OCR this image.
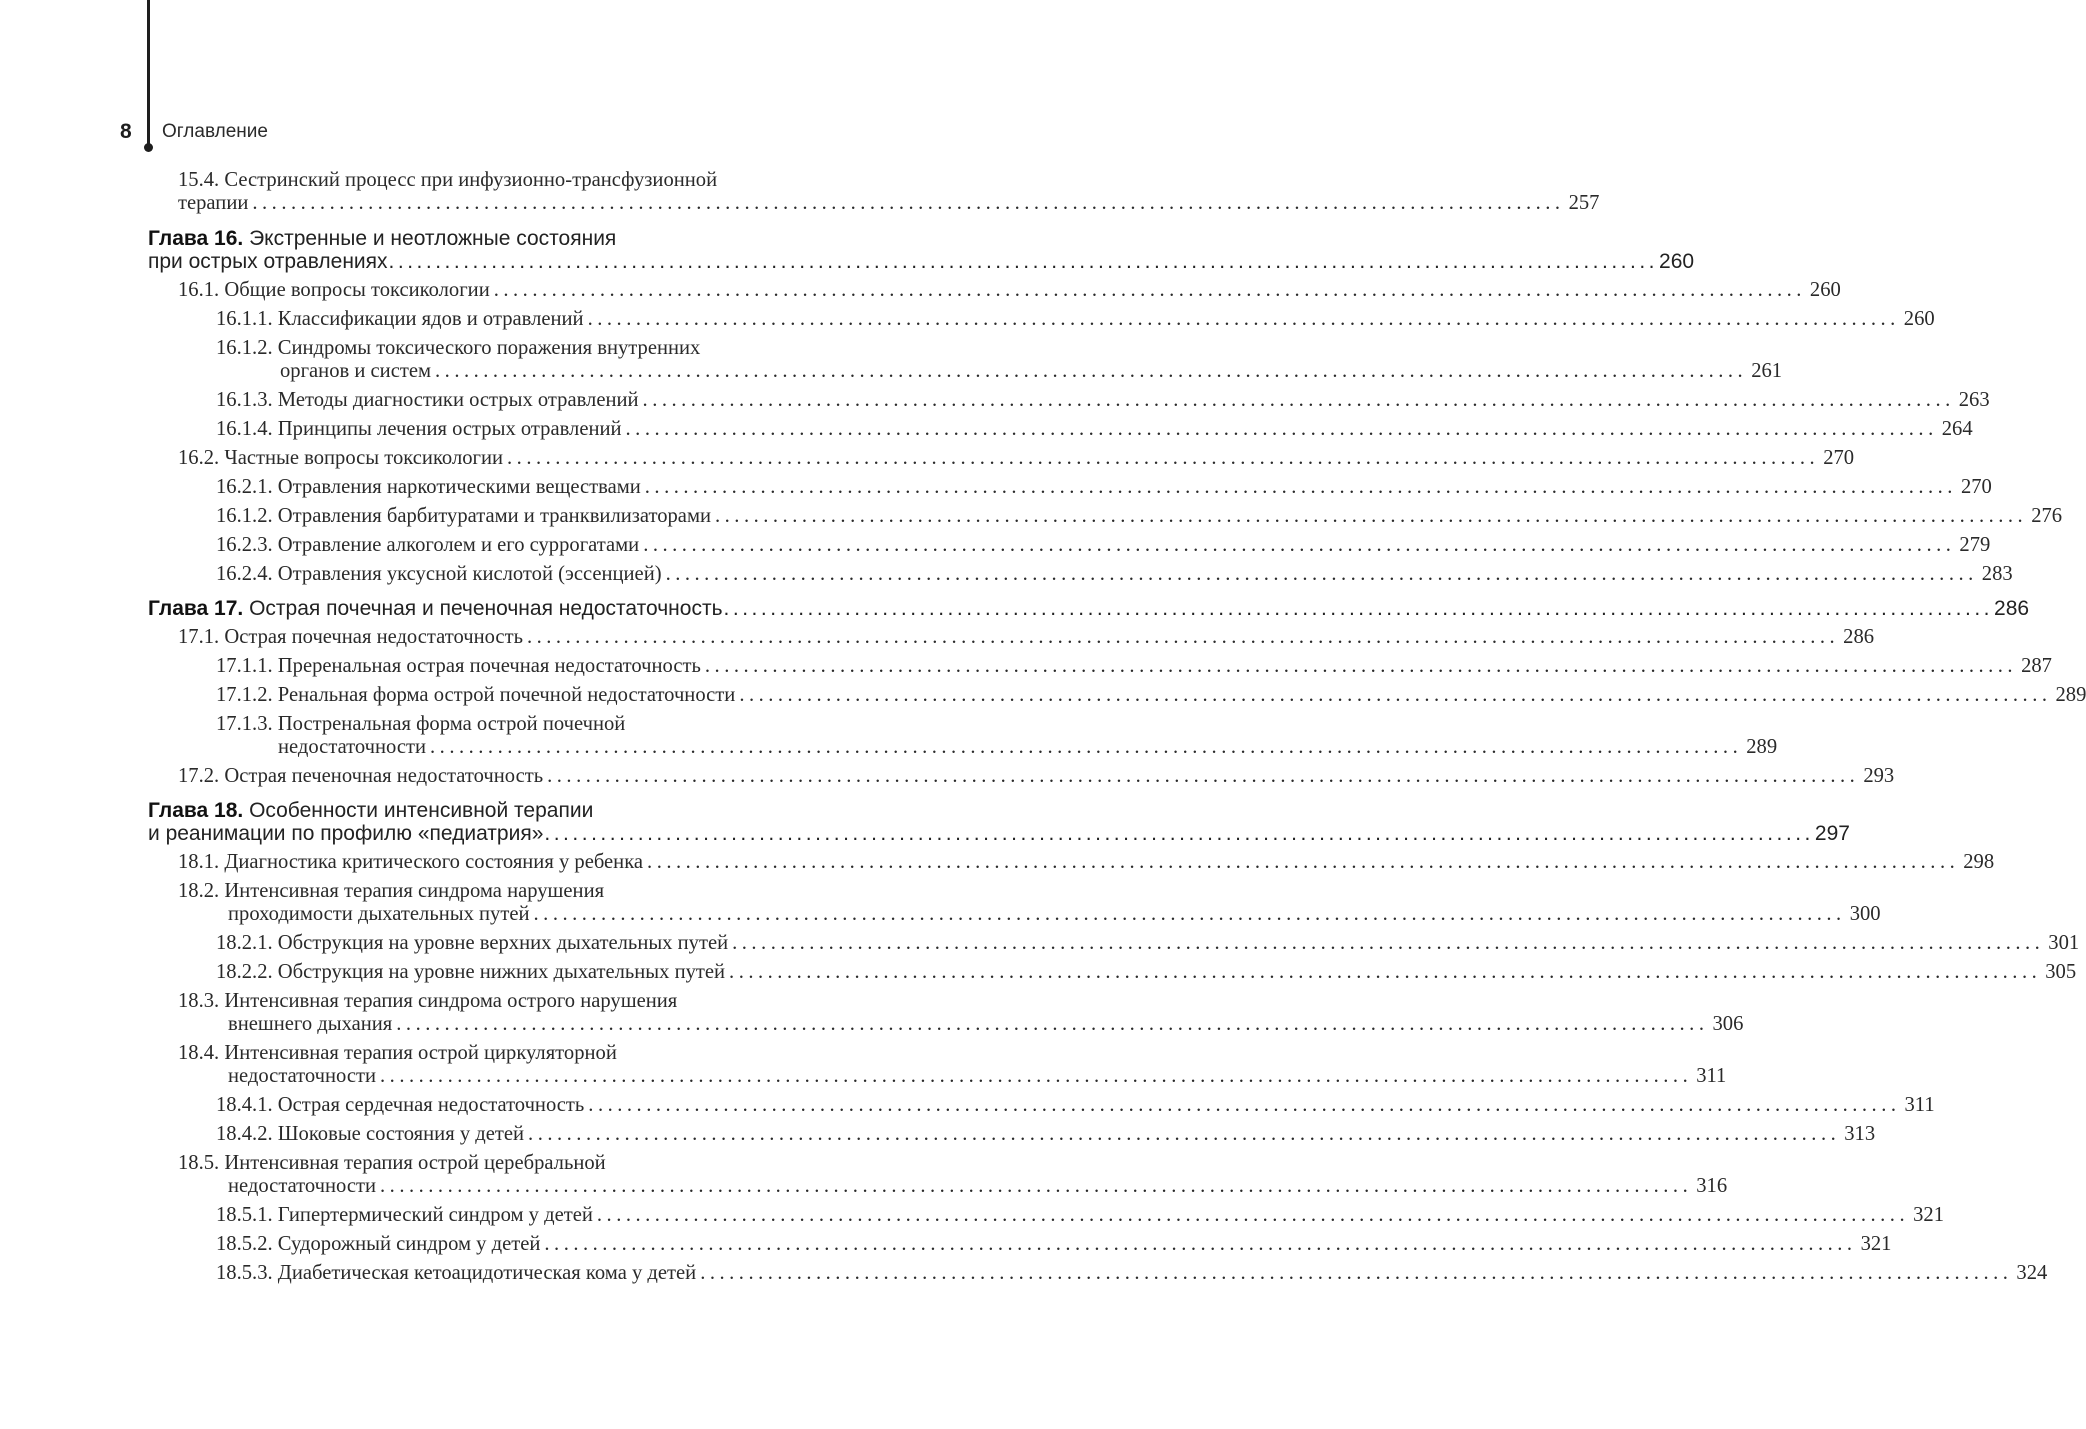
8 Оглавление
15.4. Сестринский процесс при инфузионно-трансфузионной
терапии ........................................................................................................................................ 257
Глава 16. Экстренные и неотложные состояния
при острых отравлениях ........................................................................................................................................ 260
16.1. Общие вопросы токсикологии ........................................................................................................................................ 260
16.1.1. Классификации ядов и отравлений ........................................................................................................................................ 260
16.1.2. Синдромы токсического поражения внутренних
органов и систем ........................................................................................................................................ 261
16.1.3. Методы диагностики острых отравлений ........................................................................................................................................ 263
16.1.4. Принципы лечения острых отравлений ........................................................................................................................................ 264
16.2. Частные вопросы токсикологии ........................................................................................................................................ 270
16.2.1. Отравления наркотическими веществами ........................................................................................................................................ 270
16.1.2. Отравления барбитуратами и транквилизаторами ........................................................................................................................................ 276
16.2.3. Отравление алкоголем и его суррогатами ........................................................................................................................................ 279
16.2.4. Отравления уксусной кислотой (эссенцией) ........................................................................................................................................ 283
Глава 17. Острая почечная и печеночная недостаточность ........................................................................................................................................ 286
17.1. Острая почечная недостаточность ........................................................................................................................................ 286
17.1.1. Преренальная острая почечная недостаточность ........................................................................................................................................ 287
17.1.2. Ренальная форма острой почечной недостаточности ........................................................................................................................................ 289
17.1.3. Постренальная форма острой почечной
недостаточности ........................................................................................................................................ 289
17.2. Острая печеночная недостаточность ........................................................................................................................................ 293
Глава 18. Особенности интенсивной терапии
и реанимации по профилю «педиатрия» ........................................................................................................................................ 297
18.1. Диагностика критического состояния у ребенка ........................................................................................................................................ 298
18.2. Интенсивная терапия синдрома нарушения
проходимости дыхательных путей ........................................................................................................................................ 300
18.2.1. Обструкция на уровне верхних дыхательных путей ........................................................................................................................................ 301
18.2.2. Обструкция на уровне нижних дыхательных путей ........................................................................................................................................ 305
18.3. Интенсивная терапия синдрома острого нарушения
внешнего дыхания ........................................................................................................................................ 306
18.4. Интенсивная терапия острой циркуляторной
недостаточности ........................................................................................................................................ 311
18.4.1. Острая сердечная недостаточность ........................................................................................................................................ 311
18.4.2. Шоковые состояния у детей ........................................................................................................................................ 313
18.5. Интенсивная терапия острой церебральной
недостаточности ........................................................................................................................................ 316
18.5.1. Гипертермический синдром у детей ........................................................................................................................................ 321
18.5.2. Судорожный синдром у детей ........................................................................................................................................ 321
18.5.3. Диабетическая кетоацидотическая кома у детей ........................................................................................................................................ 324
